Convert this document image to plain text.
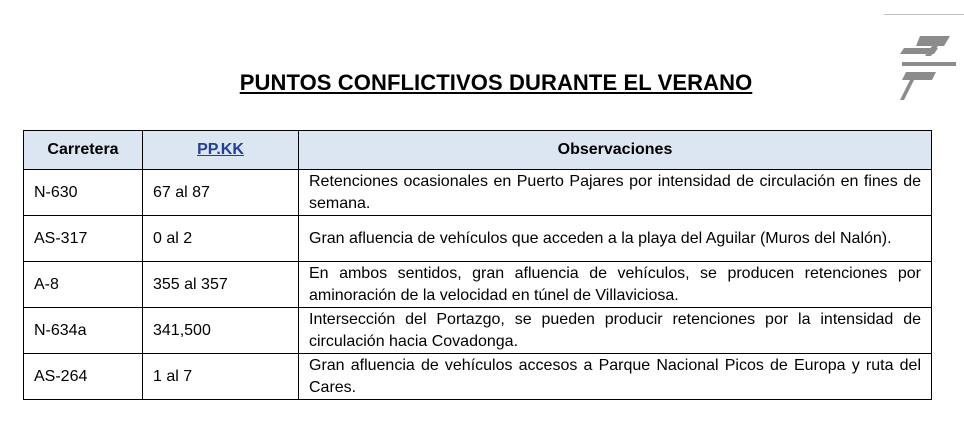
PUNTOS CONFLICTIVOS DURANTE EL VERANO
Carretera	PP.KK	Observaciones
N-630	67 al 87	Retenciones ocasionales en Puerto Pajares por intensidad de circulación en fines de semana.
AS-317	0 al 2	Gran afluencia de vehículos que acceden a la playa del Aguilar (Muros del Nalón).
A-8	355 al 357	En ambos sentidos, gran afluencia de vehículos, se producen retenciones por aminoración de la velocidad en túnel de Villaviciosa.
N-634a	341,500	Intersección del Portazgo, se pueden producir retenciones por la intensidad de circulación hacia Covadonga.
AS-264	1 al 7	Gran afluencia de vehículos accesos a Parque Nacional Picos de Europa y ruta del Cares.
